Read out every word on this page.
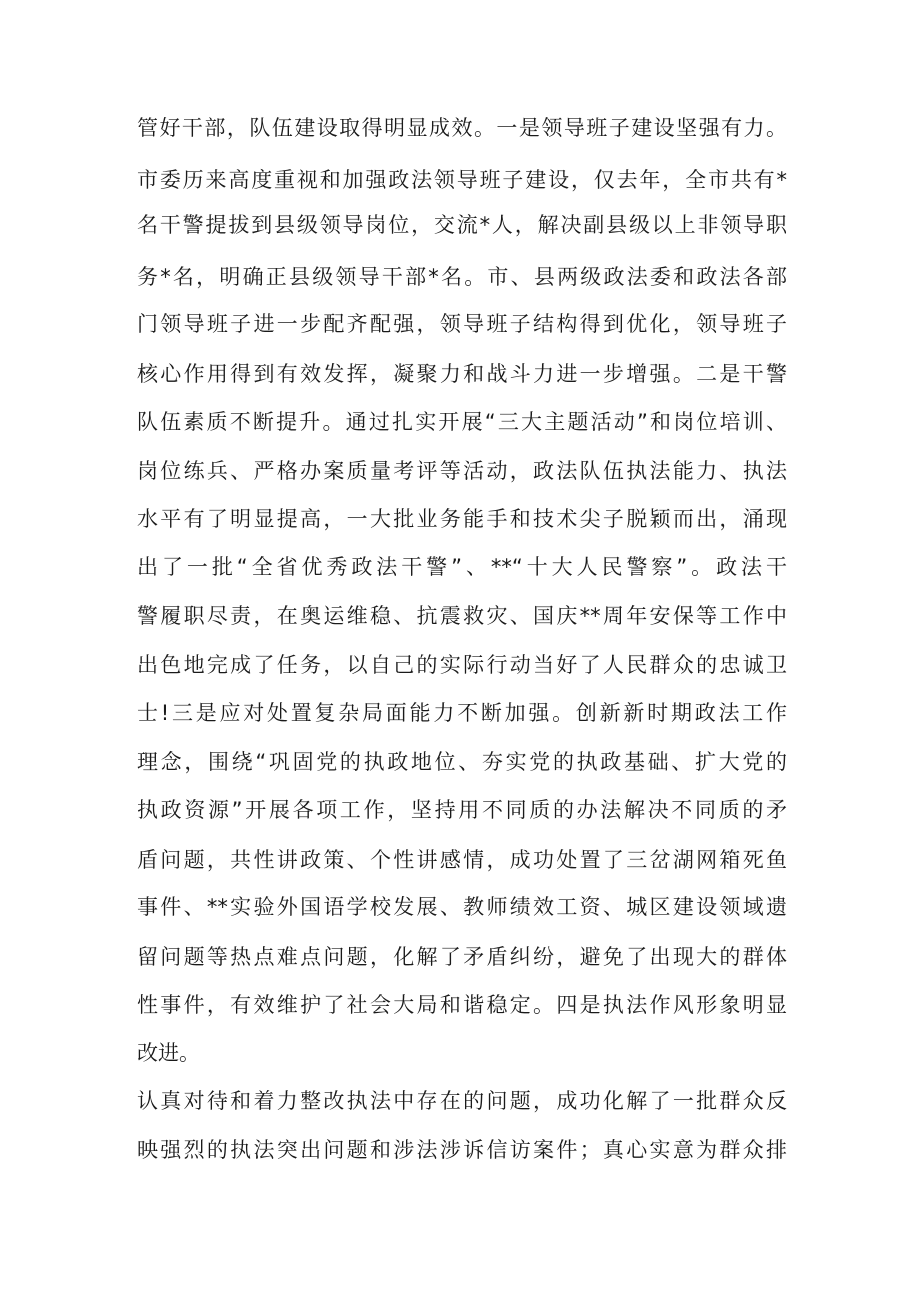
管好干部，队伍建设取得明显成效。一是领导班子建设坚强有力。
市委历来高度重视和加强政法领导班子建设，仅去年，全市共有*
名干警提拔到县级领导岗位，交流*人，解决副县级以上非领导职
务*名，明确正县级领导干部*名。市、县两级政法委和政法各部
门领导班子进一步配齐配强，领导班子结构得到优化，领导班子
核心作用得到有效发挥，凝聚力和战斗力进一步增强。二是干警
队伍素质不断提升。通过扎实开展“三大主题活动”和岗位培训、
岗位练兵、严格办案质量考评等活动，政法队伍执法能力、执法
水平有了明显提高，一大批业务能手和技术尖子脱颖而出，涌现
出了一批“全省优秀政法干警”、**“十大人民警察”。政法干
警履职尽责，在奥运维稳、抗震救灾、国庆**周年安保等工作中
出色地完成了任务，以自己的实际行动当好了人民群众的忠诚卫
士!三是应对处置复杂局面能力不断加强。创新新时期政法工作
理念，围绕“巩固党的执政地位、夯实党的执政基础、扩大党的
执政资源”开展各项工作，坚持用不同质的办法解决不同质的矛
盾问题，共性讲政策、个性讲感情，成功处置了三岔湖网箱死鱼
事件、**实验外国语学校发展、教师绩效工资、城区建设领域遗
留问题等热点难点问题，化解了矛盾纠纷，避免了出现大的群体
性事件，有效维护了社会大局和谐稳定。四是执法作风形象明显
改进。
认真对待和着力整改执法中存在的问题，成功化解了一批群众反
映强烈的执法突出问题和涉法涉诉信访案件；真心实意为群众排
